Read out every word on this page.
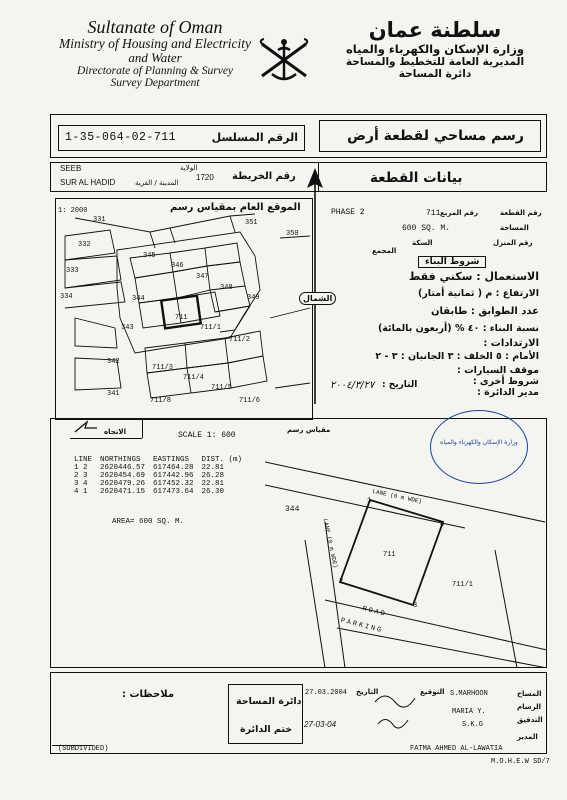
Sultanate of Oman
Ministry of Housing and Electricity
and Water
Directorate of Planning & Survey
Survey Department
سلطنة عمان
وزارة الإسكان والكهرباء والمياه
المديرية العامة للتخطيط والمساحة
دائرة المساحة
1-35-064-02-711	الرقم المسلسل	رسم مساحي لقطعة أرض
SEEB	الولاية
1720 رقم الخريطة
SUR AL HADID	المدينة / القرية	بيانات القطعة
الموقع العام بمقياس رسم
1: 2000
331	351
350
332
345
346
347
333
348
349
334	344
711
711/1
711/2
343
342
711/3
711/4
711/5
341
711/8	711/6
الشمال
PHASE 2	711 رقم المربع	رقم القطعة
600 SQ. M.	المساحة
السكة	رقم المنزل
المجمع
شروط البناء
الاستعمال : سكني فقط
الارتفاع : م ( ثمانية أمتار)
عدد الطوابق : طابقان
نسبة البناء : ٤٠ % (أربعون بالمائة)
الارتدادات :
الأمام : ٥ الخلف : ٣ الجانبان : ٣ - ٢
موقف السيارات :
شروط أخرى :
مدير الدائرة :
التاريخ :
٢٠٠٤/٣/٢٧
الاتجاه	SCALE 1: 600
مقياس رسم
LINE	NORTHINGS	EASTINGS	DIST. (m)
1 2	2620446.57	617464.28	22.81
2 3	2620454.69	617442.96	26.28
3 4	2620479.26	617452.32	22.81
4 1	2620471.15	617473.64	26.30
AREA= 600 SQ. M.
711
344
711/1
LANE (8 m WDE)
LANE (8 m WDE)
ROAD
PARKING
1
2
3
4
وزارة الإسكان والكهرباء والمياه
ملاحظات :
دائرة المساحة
ختم الدائرة
(SUBDIVIDED)
27.03.2004
27-03-04
التاريخ	التوقيع	المساح
الرسام
التدقيق
المدير
S.MARHOON
MARIA Y.
S.K.G
FATMA AHMED AL-LAWATIA
M.O.H.E.W SD/7
